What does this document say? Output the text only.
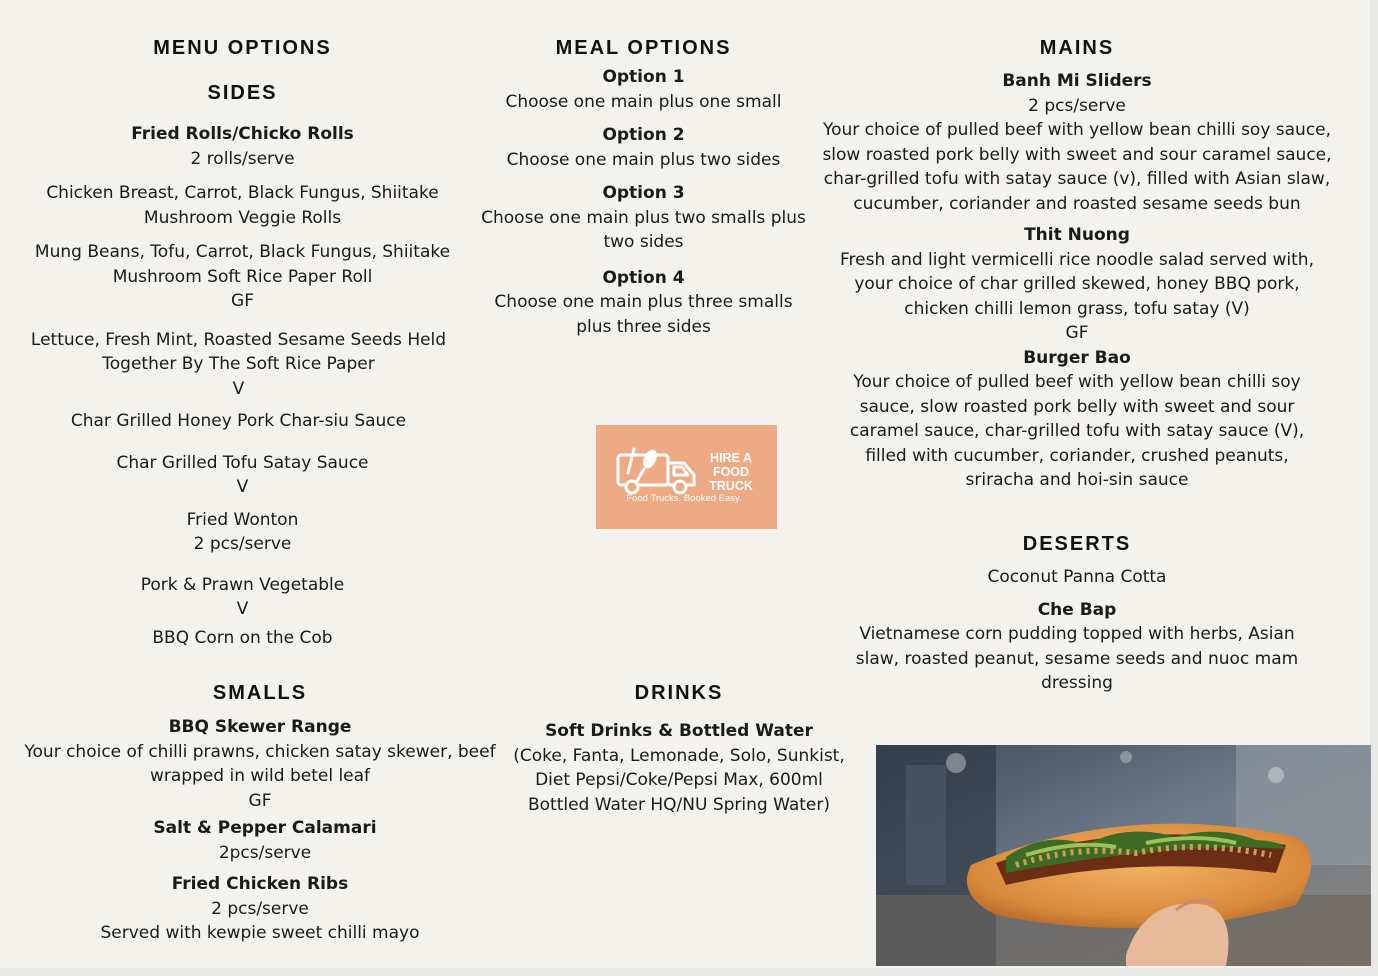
MENU OPTIONS
SIDES
Fried Rolls/Chicko Rolls
2 rolls/serve
Chicken Breast, Carrot, Black Fungus, Shiitake
Mushroom Veggie Rolls
Mung Beans, Tofu, Carrot, Black Fungus, Shiitake
Mushroom Soft Rice Paper Roll
GF
Lettuce, Fresh Mint, Roasted Sesame Seeds Held
Together By The Soft Rice Paper
V
Char Grilled Honey Pork Char-siu Sauce
Char Grilled Tofu Satay Sauce
V
Fried Wonton
2 pcs/serve
Pork & Prawn Vegetable
V
BBQ Corn on the Cob
SMALLS
BBQ Skewer Range
Your choice of chilli prawns, chicken satay skewer, beef
wrapped in wild betel leaf
GF
Salt & Pepper Calamari
2pcs/serve
Fried Chicken Ribs
2 pcs/serve
Served with kewpie sweet chilli mayo
MEAL OPTIONS
Option 1
Choose one main plus one small
Option 2
Choose one main plus two sides
Option 3
Choose one main plus two smalls plus
two sides
Option 4
Choose one main plus three smalls
plus three sides
HIRE A
FOOD
TRUCK
Food Trucks. Booked Easy.
DRINKS
Soft Drinks & Bottled Water
(Coke, Fanta, Lemonade, Solo, Sunkist,
Diet Pepsi/Coke/Pepsi Max, 600ml
Bottled Water HQ/NU Spring Water)
MAINS
Banh Mi Sliders
2 pcs/serve
Your choice of pulled beef with yellow bean chilli soy sauce,
slow roasted pork belly with sweet and sour caramel sauce,
char-grilled tofu with satay sauce (v), filled with Asian slaw,
cucumber, coriander and roasted sesame seeds bun
Thit Nuong
Fresh and light vermicelli rice noodle salad served with,
your choice of char grilled skewed, honey BBQ pork,
chicken chilli lemon grass, tofu satay (V)
GF
Burger Bao
Your choice of pulled beef with yellow bean chilli soy
sauce, slow roasted pork belly with sweet and sour
caramel sauce, char-grilled tofu with satay sauce (V),
filled with cucumber, coriander, crushed peanuts,
sriracha and hoi-sin sauce
DESERTS
Coconut Panna Cotta
Che Bap
Vietnamese corn pudding topped with herbs, Asian
slaw, roasted peanut, sesame seeds and nuoc mam
dressing
